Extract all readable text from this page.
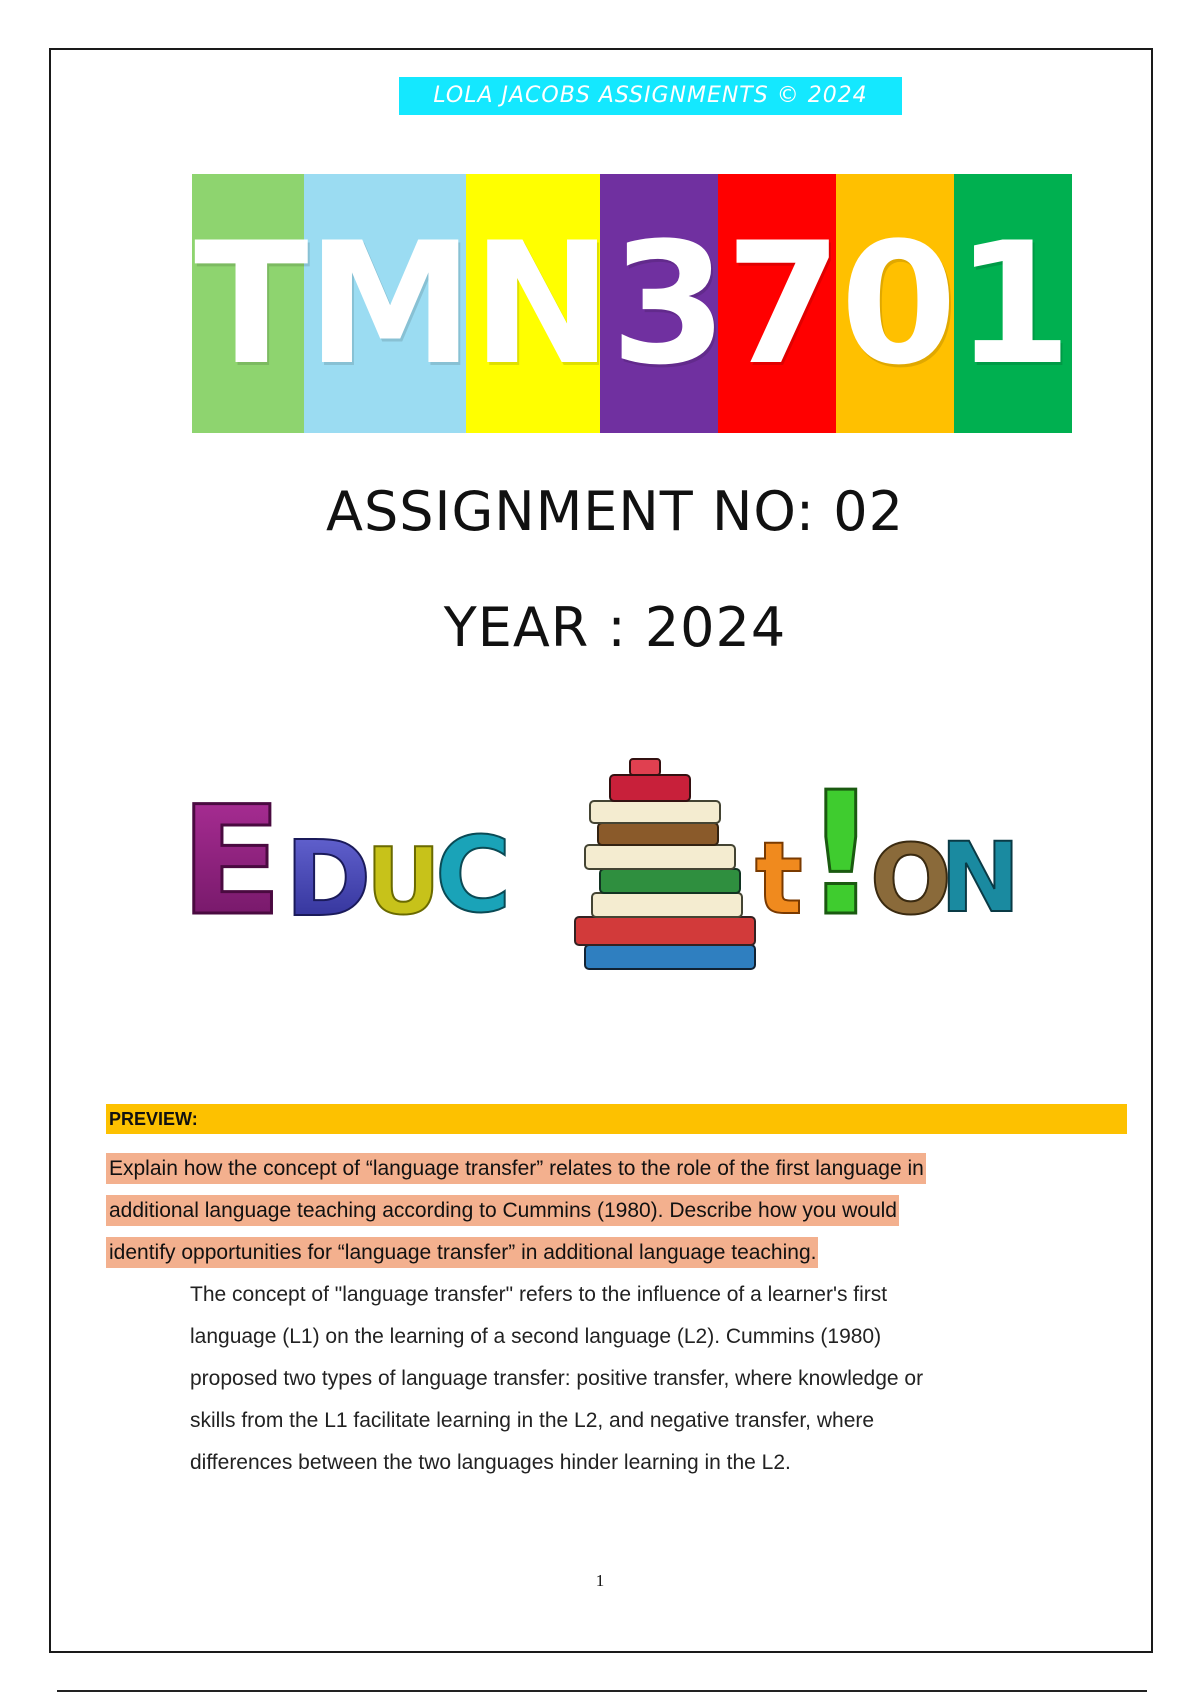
LOLA JACOBS ASSIGNMENTS © 2024
TMN3701
ASSIGNMENT NO: 02
YEAR : 2024
E D
U
C t !
O
N
PREVIEW:
Explain how the concept of “language transfer” relates to the role of the first language in
additional language teaching according to Cummins (1980). Describe how you would
identify opportunities for “language transfer” in additional language teaching.
The concept of "language transfer" refers to the influence of a learner's first
language (L1) on the learning of a second language (L2). Cummins (1980)
proposed two types of language transfer: positive transfer, where knowledge or
skills from the L1 facilitate learning in the L2, and negative transfer, where
differences between the two languages hinder learning in the L2.
1
